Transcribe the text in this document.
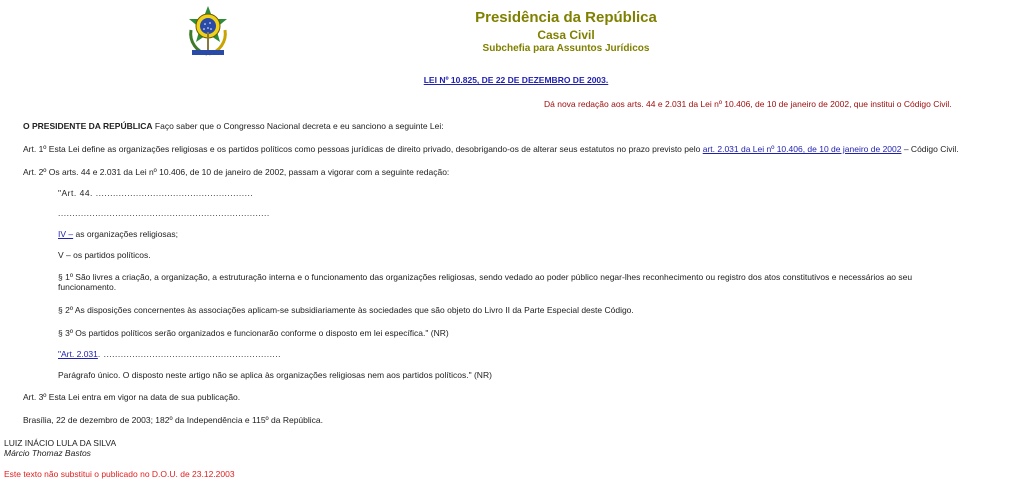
Presidência da República
Casa Civil
Subchefia para Assuntos Jurídicos
LEI Nº 10.825, DE 22 DE DEZEMBRO DE 2003.
Dá nova redação aos arts. 44 e 2.031 da Lei nº 10.406, de 10 de janeiro de 2002, que institui o Código Civil.
O PRESIDENTE DA REPÚBLICA Faço saber que o Congresso Nacional decreta e eu sanciono a seguinte Lei:
Art. 1º Esta Lei define as organizações religiosas e os partidos políticos como pessoas jurídicas de direito privado, desobrigando-os de alterar seus estatutos no prazo previsto pelo art. 2.031 da Lei nº 10.406, de 10 de janeiro de 2002 – Código Civil.
Art. 2º Os arts. 44 e 2.031 da Lei nº 10.406, de 10 de janeiro de 2002, passam a vigorar com a seguinte redação:
"Art. 44. .......................................................
..........................................................................
IV – as organizações religiosas;
V – os partidos políticos.
§ 1º São livres a criação, a organização, a estruturação interna e o funcionamento das organizações religiosas, sendo vedado ao poder público negar-lhes reconhecimento ou registro dos atos constitutivos e necessários ao seu
funcionamento.
§ 2º As disposições concernentes às associações aplicam-se subsidiariamente às sociedades que são objeto do Livro II da Parte Especial deste Código.
§ 3º Os partidos políticos serão organizados e funcionarão conforme o disposto em lei específica." (NR)
"Art. 2.031. ..............................................................
Parágrafo único. O disposto neste artigo não se aplica às organizações religiosas nem aos partidos políticos." (NR)
Art. 3º Esta Lei entra em vigor na data de sua publicação.
Brasília, 22 de dezembro de 2003; 182º da Independência e 115º da República.
LUIZ INÁCIO LULA DA SILVA
Márcio Thomaz Bastos
Este texto não substitui o publicado no D.O.U. de 23.12.2003
